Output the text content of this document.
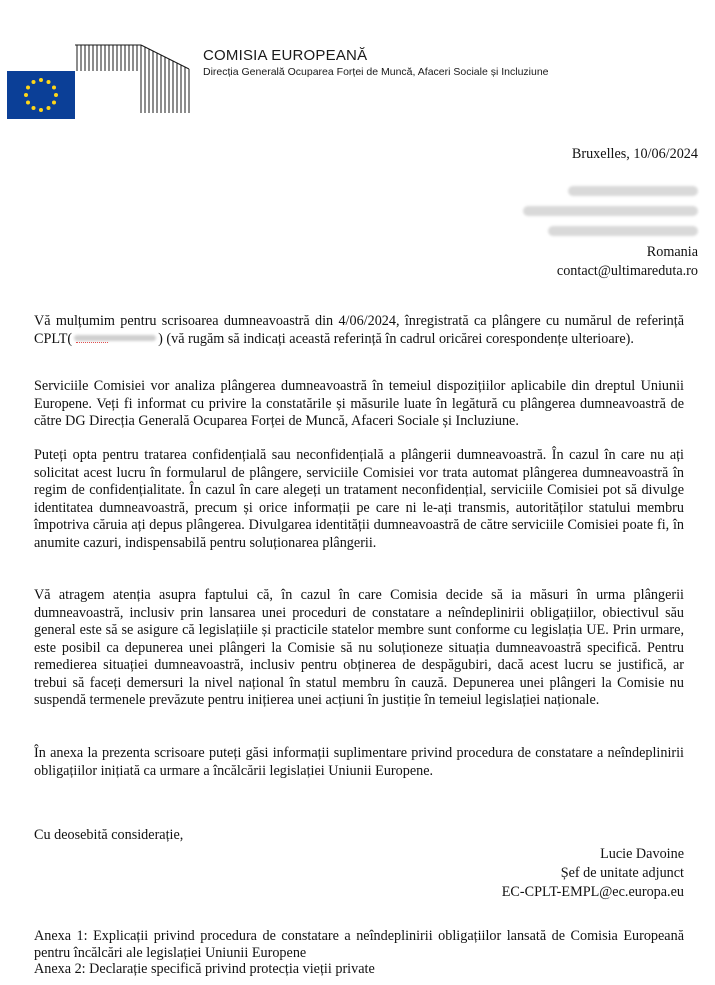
COMISIA EUROPEANĂ
Direcția Generală Ocuparea Forței de Muncă, Afaceri Sociale și Incluziune
Bruxelles, 10/06/2024
Romania
contact@ultimareduta.ro

Vă mulțumim pentru scrisoarea dumneavoastră din 4/06/2024, înregistrată ca plângere cu numărul de referință CPLT(	) (vă rugăm să indicați această referință în cadrul oricărei corespondențe ulterioare).

Serviciile Comisiei vor analiza plângerea dumneavoastră în temeiul dispozițiilor aplicabile din dreptul Uniunii Europene. Veți fi informat cu privire la constatările și măsurile luate în legătură cu plângerea dumneavoastră de către DG Direcția Generală Ocuparea Forței de Muncă, Afaceri Sociale și Incluziune.

Puteți opta pentru tratarea confidențială sau neconfidențială a plângerii dumneavoastră. În cazul în care nu ați solicitat acest lucru în formularul de plângere, serviciile Comisiei vor trata automat plângerea dumneavoastră în regim de confidențialitate. În cazul în care alegeți un tratament neconfidențial, serviciile Comisiei pot să divulge identitatea dumneavoastră, precum și orice informații pe care ni le-ați transmis, autorităților statului membru împotriva căruia ați depus plângerea. Divulgarea identității dumneavoastră de către serviciile Comisiei poate fi, în anumite cazuri, indispensabilă pentru soluționarea plângerii.

Vă atragem atenția asupra faptului că, în cazul în care Comisia decide să ia măsuri în urma plângerii dumneavoastră, inclusiv prin lansarea unei proceduri de constatare a neîndeplinirii obligațiilor, obiectivul său general este să se asigure că legislațiile și practicile statelor membre sunt conforme cu legislația UE. Prin urmare, este posibil ca depunerea unei plângeri la Comisie să nu soluționeze situația dumneavoastră specifică. Pentru remedierea situației dumneavoastră, inclusiv pentru obținerea de despăgubiri, dacă acest lucru se justifică, ar trebui să faceți demersuri la nivel național în statul membru în cauză. Depunerea unei plângeri la Comisie nu suspendă termenele prevăzute pentru inițierea unei acțiuni în justiție în temeiul legislației naționale.

În anexa la prezenta scrisoare puteți găsi informații suplimentare privind procedura de constatare a neîndeplinirii obligațiilor inițiată ca urmare a încălcării legislației Uniunii Europene.

Cu deosebită considerație,
Lucie Davoine
Șef de unitate adjunct
EC-CPLT-EMPL@ec.europa.eu
Anexa 1: Explicații privind procedura de constatare a neîndeplinirii obligațiilor lansată de Comisia Europeană pentru încălcări ale legislației Uniunii Europene
Anexa 2: Declarație specifică privind protecția vieții private
